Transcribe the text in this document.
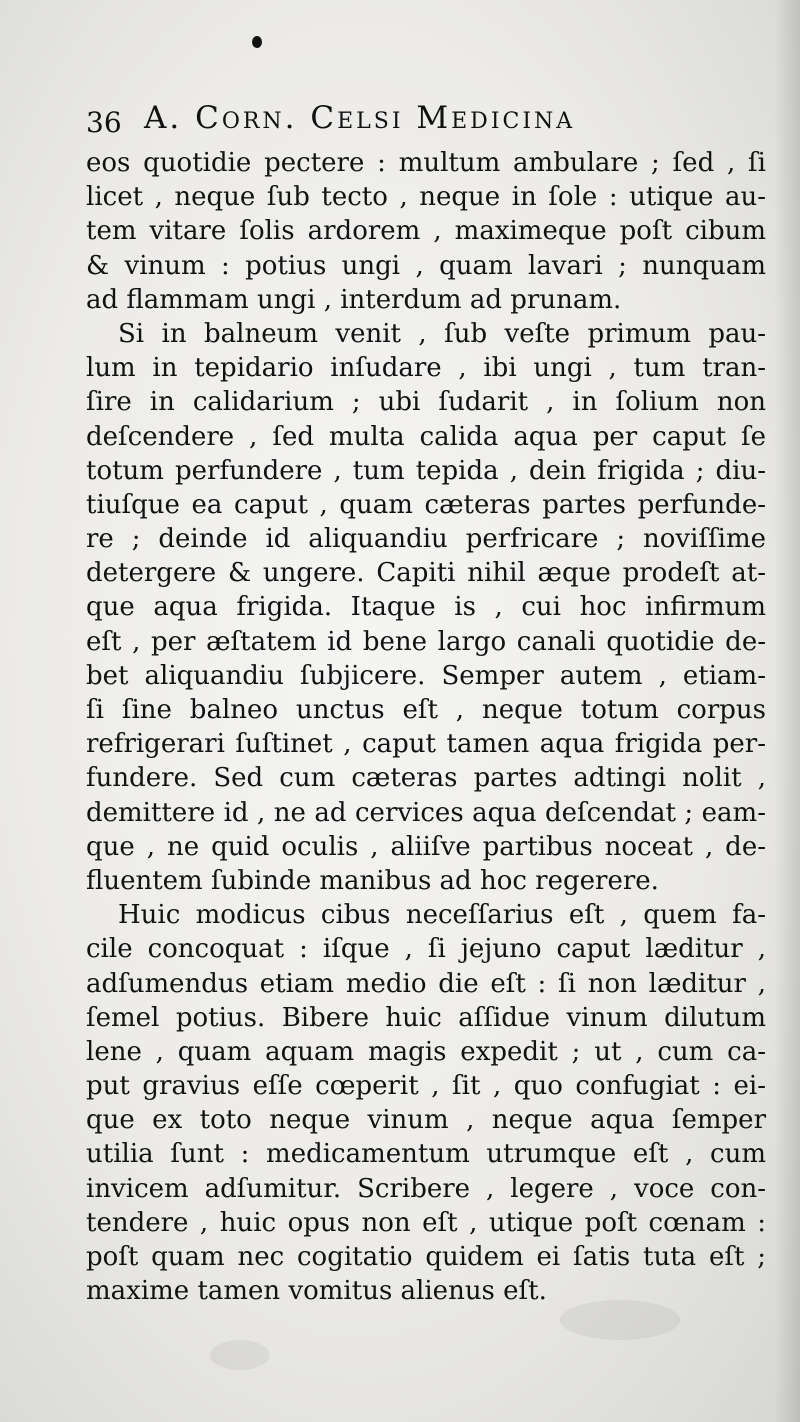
36 A. Corn. Celsi Medicina
eos quotidie pectere : multum ambulare ; ſed , ſi
licet , neque ſub tecto , neque in ſole : utique au-
tem vitare ſolis ardorem , maximeque poſt cibum
& vinum : potius ungi , quam lavari ; nunquam
ad flammam ungi , interdum ad prunam.
Si in balneum venit , ſub veſte primum pau-
lum in tepidario inſudare , ibi ungi , tum tran-
ſire in calidarium ; ubi ſudarit , in ſolium non
deſcendere , ſed multa calida aqua per caput ſe
totum perfundere , tum tepida , dein frigida ; diu-
tiuſque ea caput , quam cæteras partes perfunde-
re ; deinde id aliquandiu perfricare ; noviſſime
detergere & ungere. Capiti nihil æque prodeſt at-
que aqua frigida. Itaque is , cui hoc infirmum
eſt , per æſtatem id bene largo canali quotidie de-
bet aliquandiu ſubjicere. Semper autem , etiam-
ſi ſine balneo unctus eſt , neque totum corpus
refrigerari ſuſtinet , caput tamen aqua frigida per-
fundere. Sed cum cæteras partes adtingi nolit ,
demittere id , ne ad cervices aqua deſcendat ; eam-
que , ne quid oculis , aliiſve partibus noceat , de-
fluentem ſubinde manibus ad hoc regerere.
Huic modicus cibus neceſſarius eſt , quem fa-
cile concoquat : iſque , ſi jejuno caput læditur ,
adſumendus etiam medio die eſt : ſi non læditur ,
ſemel potius. Bibere huic aſſidue vinum dilutum
lene , quam aquam magis expedit ; ut , cum ca-
put gravius eſſe cœperit , ſit , quo confugiat : ei-
que ex toto neque vinum , neque aqua ſemper
utilia ſunt : medicamentum utrumque eſt , cum
invicem adſumitur. Scribere , legere , voce con-
tendere , huic opus non eſt , utique poſt cœnam :
poſt quam nec cogitatio quidem ei ſatis tuta eſt ;
maxime tamen vomitus alienus eſt.
